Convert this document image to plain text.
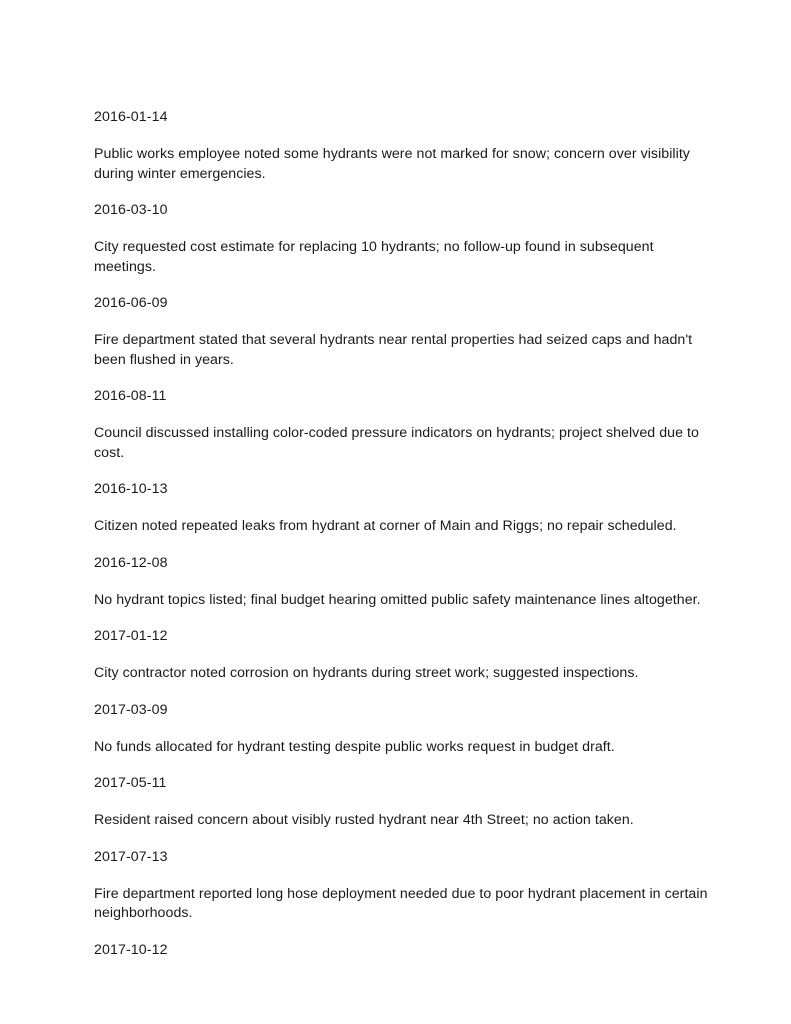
2016-01-14

Public works employee noted some hydrants were not marked for snow; concern over visibility during winter emergencies.

2016-03-10

City requested cost estimate for replacing 10 hydrants; no follow-up found in subsequent meetings.

2016-06-09

Fire department stated that several hydrants near rental properties had seized caps and hadn't been flushed in years.

2016-08-11

Council discussed installing color-coded pressure indicators on hydrants; project shelved due to cost.

2016-10-13

Citizen noted repeated leaks from hydrant at corner of Main and Riggs; no repair scheduled.

2016-12-08

No hydrant topics listed; final budget hearing omitted public safety maintenance lines altogether.

2017-01-12

City contractor noted corrosion on hydrants during street work; suggested inspections.

2017-03-09

No funds allocated for hydrant testing despite public works request in budget draft.

2017-05-11

Resident raised concern about visibly rusted hydrant near 4th Street; no action taken.

2017-07-13

Fire department reported long hose deployment needed due to poor hydrant placement in certain neighborhoods.

2017-10-12
